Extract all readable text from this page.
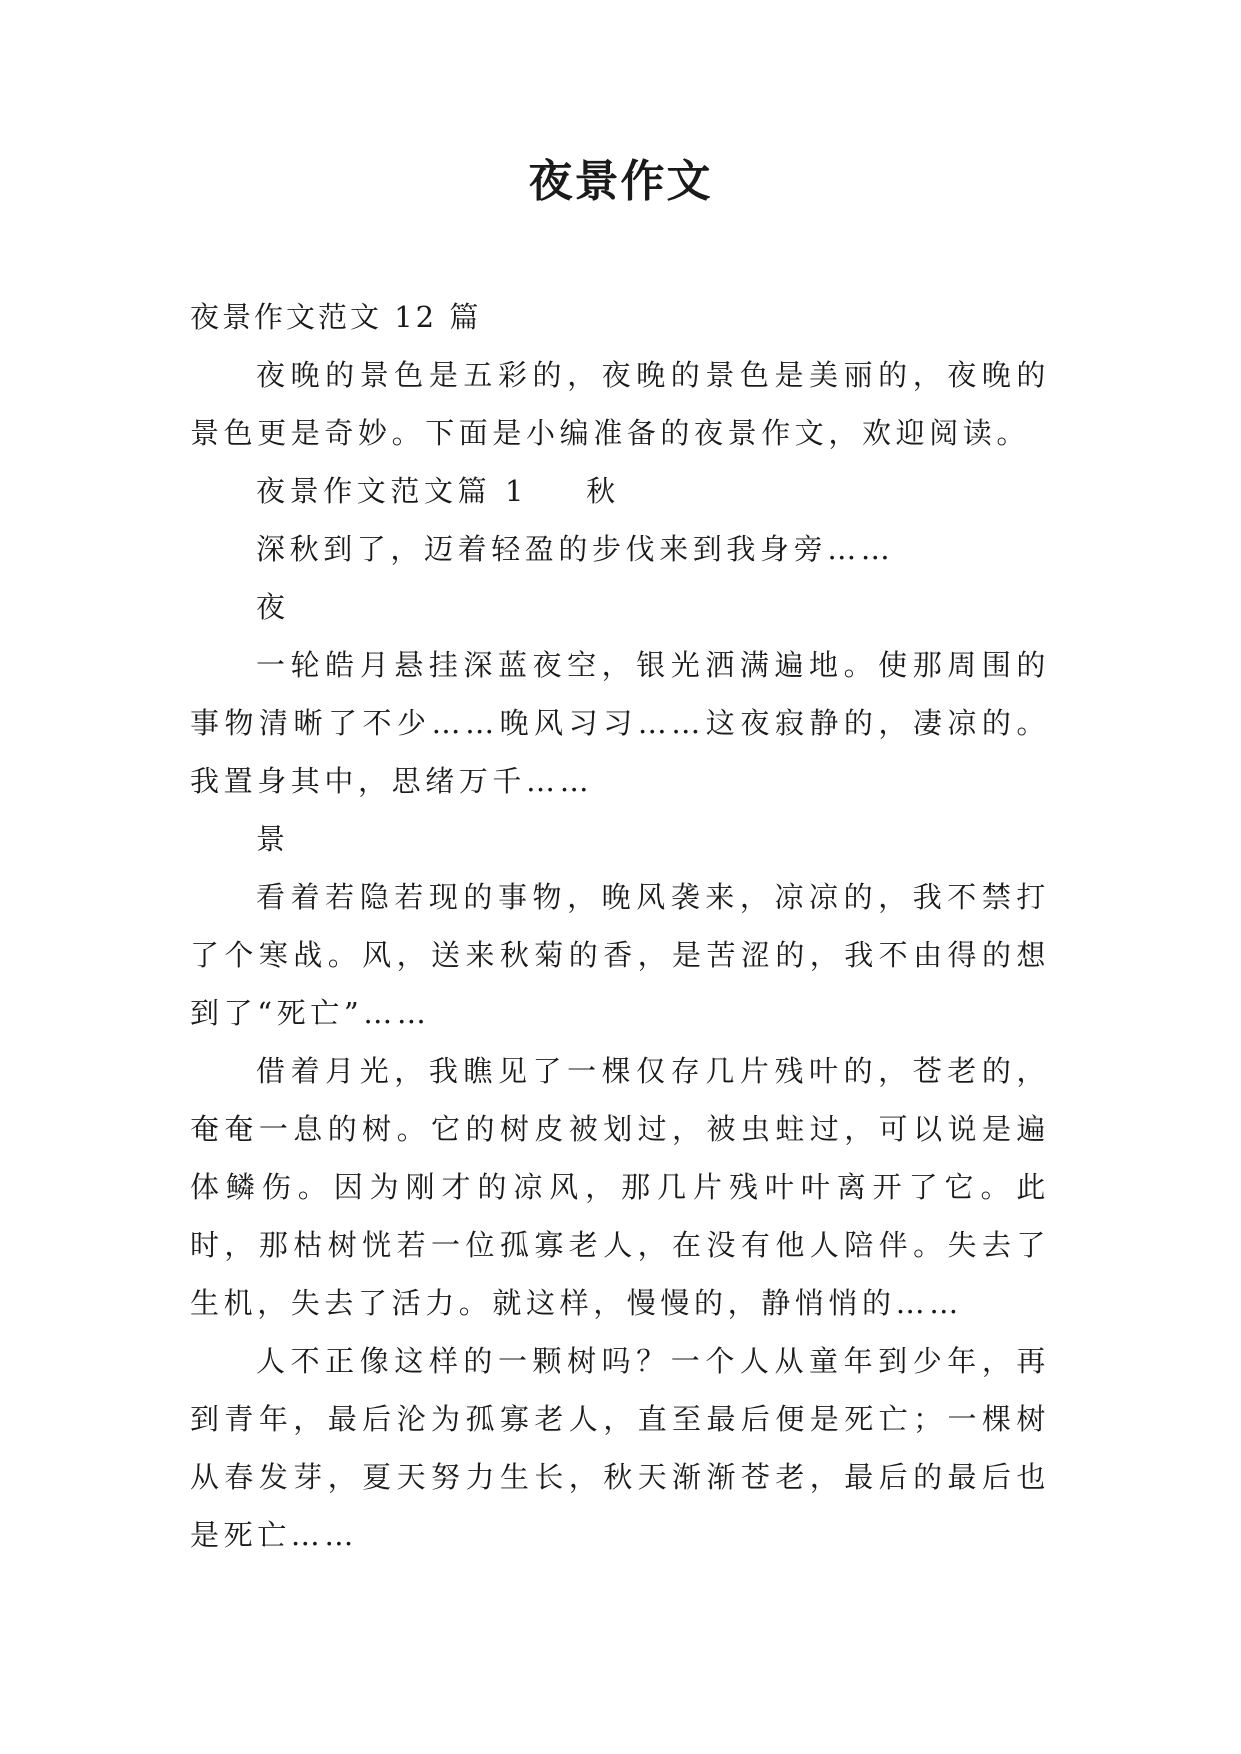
夜景作文

夜景作文范文 12 篇

夜晚的景色是五彩的，夜晚的景色是美丽的，夜晚的景色更是奇妙。下面是小编准备的夜景作文，欢迎阅读。

夜景作文范文篇 1 秋

深秋到了，迈着轻盈的步伐来到我身旁……

夜

一轮皓月悬挂深蓝夜空，银光洒满遍地。使那周围的事物清晰了不少……晚风习习……这夜寂静的，凄凉的。我置身其中，思绪万千……

景

看着若隐若现的事物，晚风袭来，凉凉的，我不禁打了个寒战。风，送来秋菊的香，是苦涩的，我不由得的想到了“死亡”……

借着月光，我瞧见了一棵仅存几片残叶的，苍老的，奄奄一息的树。它的树皮被划过，被虫蛀过，可以说是遍体鳞伤。因为刚才的凉风，那几片残叶叶离开了它。此时，那枯树恍若一位孤寡老人，在没有他人陪伴。失去了生机，失去了活力。就这样，慢慢的，静悄悄的……

人不正像这样的一颗树吗？一个人从童年到少年，再到青年，最后沦为孤寡老人，直至最后便是死亡；一棵树从春发芽，夏天努力生长，秋天渐渐苍老，最后的最后也是死亡……
